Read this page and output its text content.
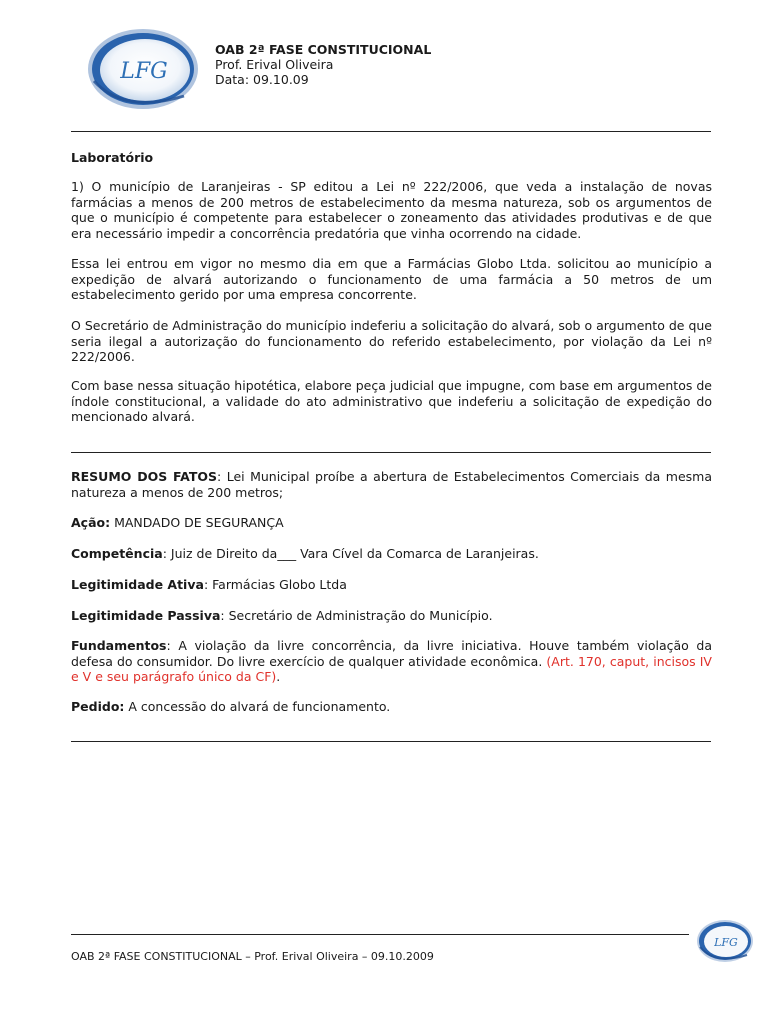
LFG
OAB 2ª FASE CONSTITUCIONAL
Prof. Erival Oliveira
Data: 09.10.09

Laboratório

1) O município de Laranjeiras - SP editou a Lei nº 222/2006, que veda a instalação de novas farmácias a menos de 200 metros de estabelecimento da mesma natureza, sob os argumentos de que o município é competente para estabelecer o zoneamento das atividades produtivas e de que era necessário impedir a concorrência predatória que vinha ocorrendo na cidade.

Essa lei entrou em vigor no mesmo dia em que a Farmácias Globo Ltda. solicitou ao município a expedição de alvará autorizando o funcionamento de uma farmácia a 50 metros de um estabelecimento gerido por uma empresa concorrente.

O Secretário de Administração do município indeferiu a solicitação do alvará, sob o argumento de que seria ilegal a autorização do funcionamento do referido estabelecimento, por violação da Lei nº 222/2006.

Com base nessa situação hipotética, elabore peça judicial que impugne, com base em argumentos de índole constitucional, a validade do ato administrativo que indeferiu a solicitação de expedição do mencionado alvará.

RESUMO DOS FATOS: Lei Municipal proíbe a abertura de Estabelecimentos Comerciais da mesma natureza a menos de 200 metros;

Ação: MANDADO DE SEGURANÇA

Competência: Juiz de Direito da___ Vara Cível da Comarca de Laranjeiras.

Legitimidade Ativa: Farmácias Globo Ltda

Legitimidade Passiva: Secretário de Administração do Município.

Fundamentos: A violação da livre concorrência, da livre iniciativa. Houve também violação da defesa do consumidor. Do livre exercício de qualquer atividade econômica. (Art. 170, caput, incisos IV e V e seu parágrafo único da CF).

Pedido: A concessão do alvará de funcionamento.

OAB 2ª FASE CONSTITUCIONAL – Prof. Erival Oliveira – 09.10.2009
LFG
